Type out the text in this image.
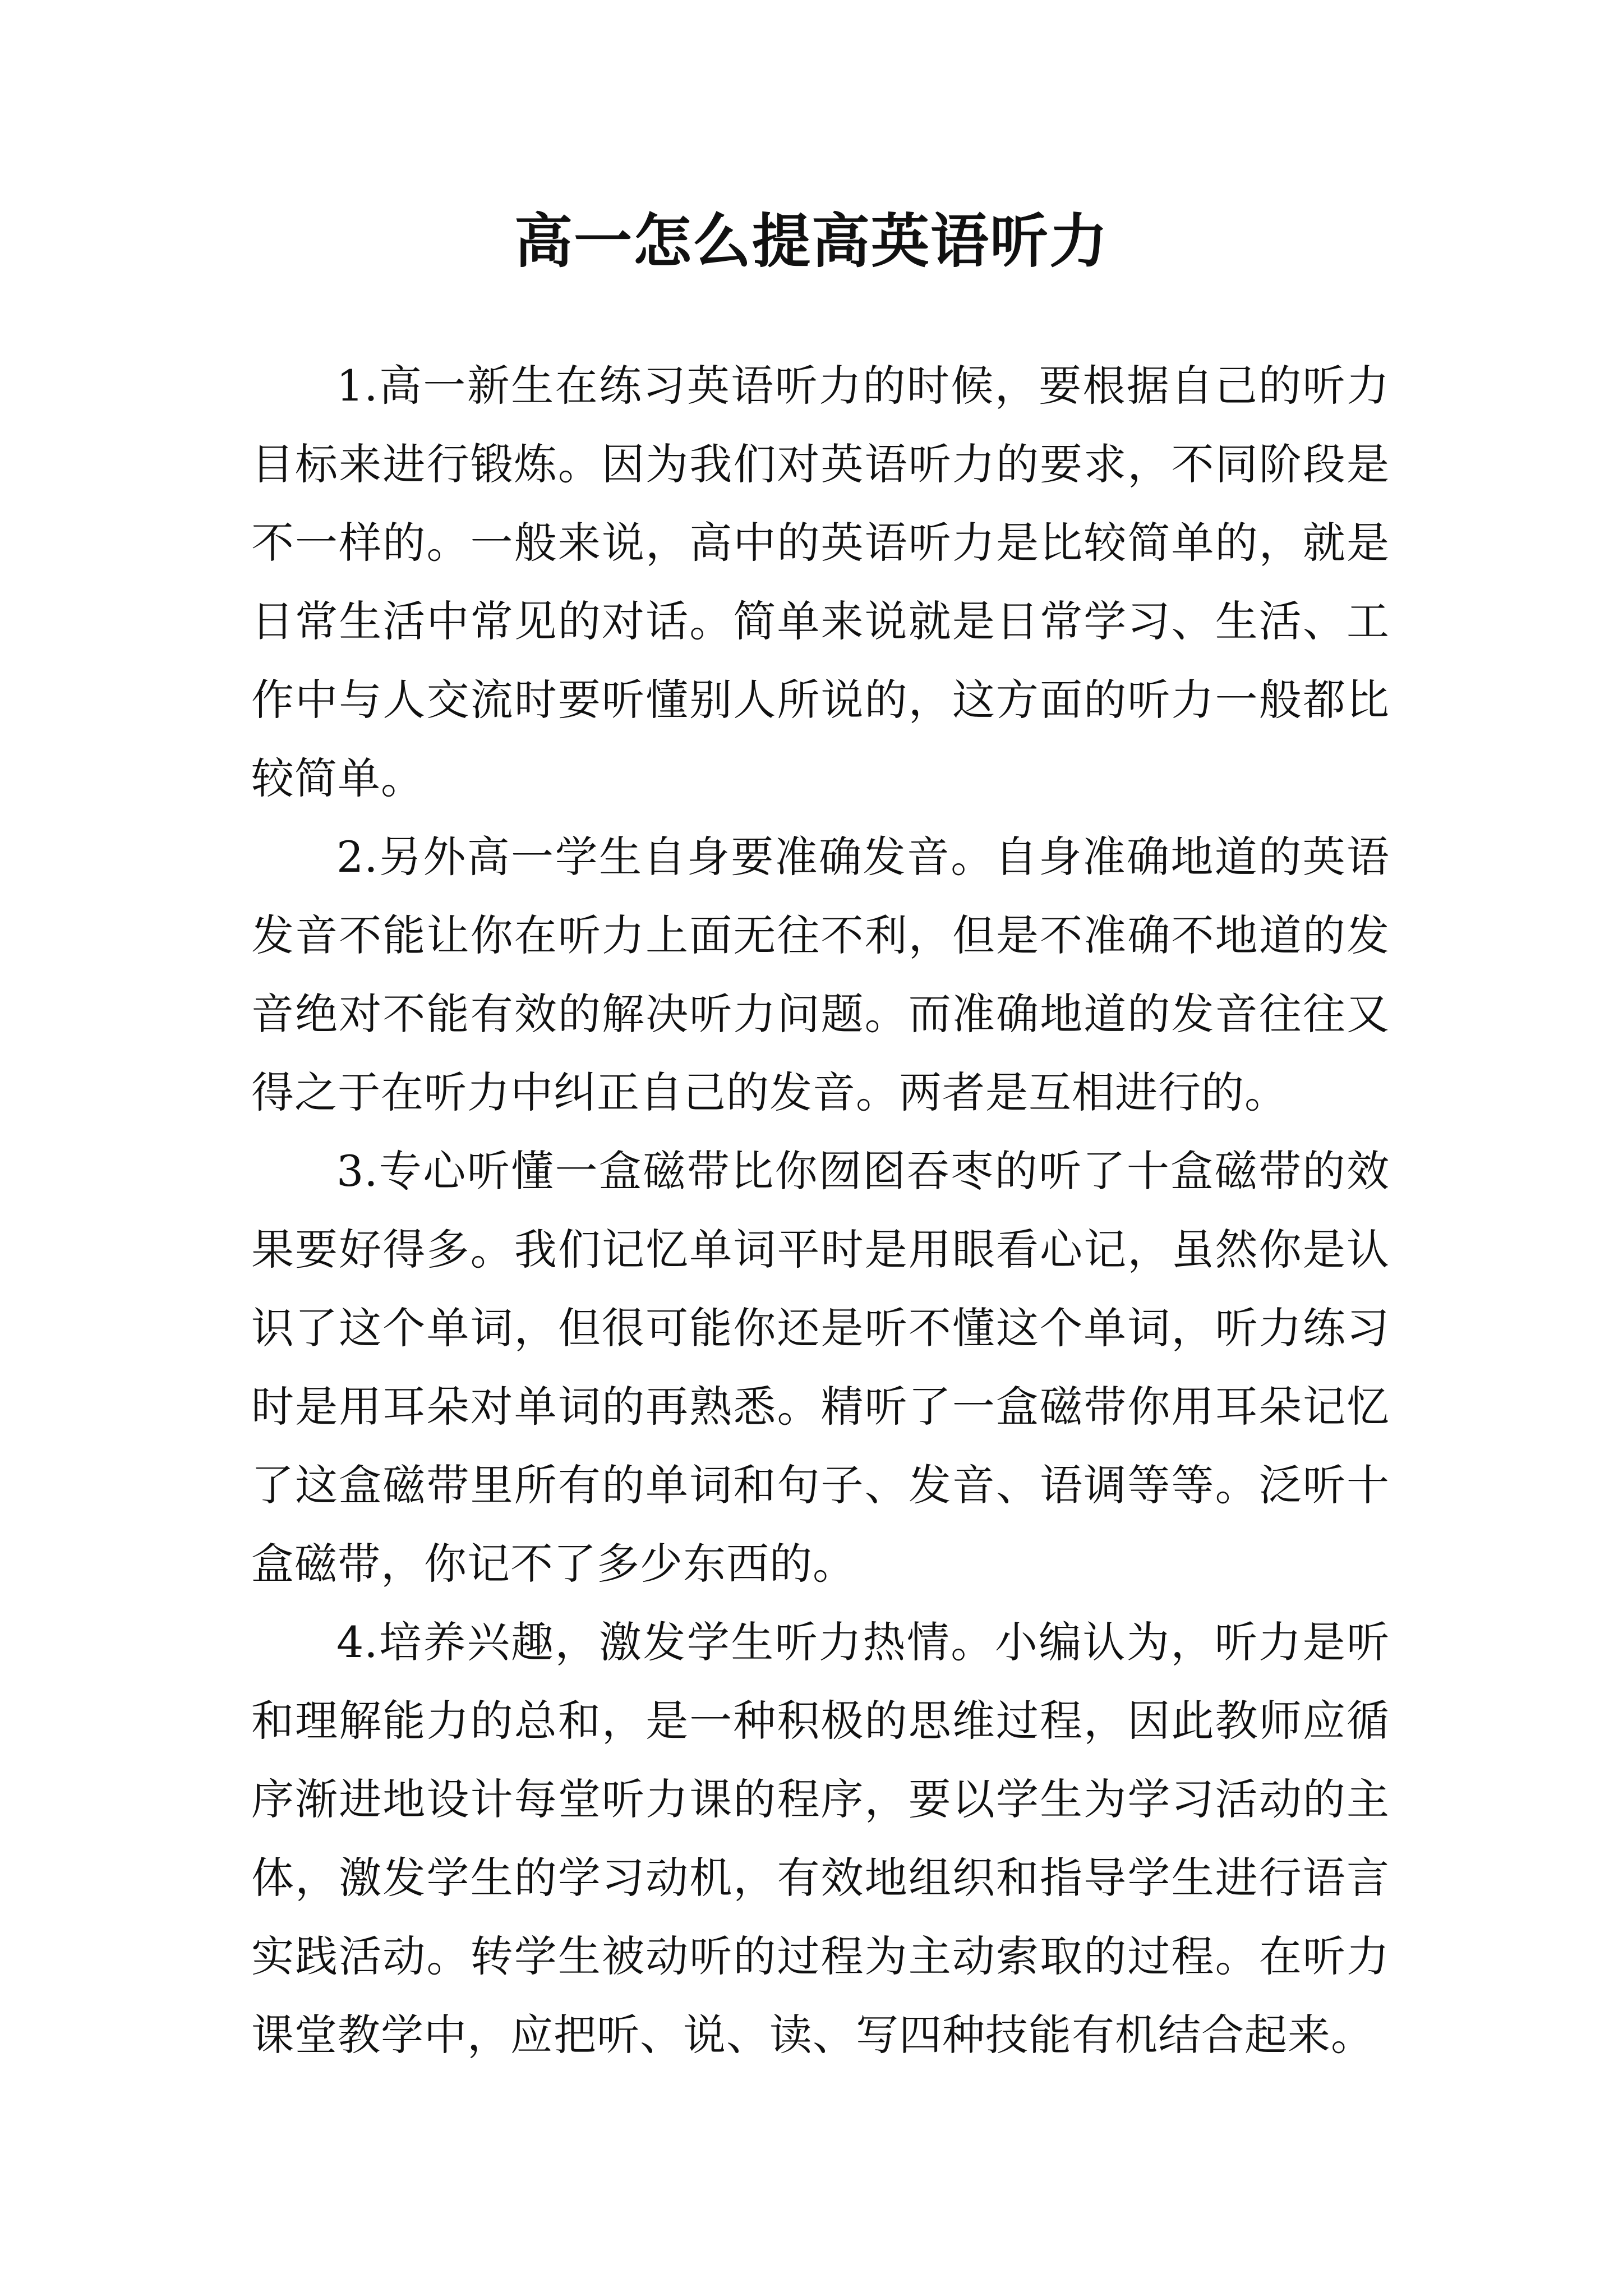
高一怎么提高英语听力

1.高一新生在练习英语听力的时候，要根据自己的听力目标来进行锻炼。因为我们对英语听力的要求，不同阶段是不一样的。一般来说，高中的英语听力是比较简单的，就是日常生活中常见的对话。简单来说就是日常学习、生活、工作中与人交流时要听懂别人所说的，这方面的听力一般都比较简单。

2.另外高一学生自身要准确发音。自身准确地道的英语发音不能让你在听力上面无往不利，但是不准确不地道的发音绝对不能有效的解决听力问题。而准确地道的发音往往又得之于在听力中纠正自己的发音。两者是互相进行的。

3.专心听懂一盒磁带比你囫囵吞枣的听了十盒磁带的效果要好得多。我们记忆单词平时是用眼看心记，虽然你是认识了这个单词，但很可能你还是听不懂这个单词，听力练习时是用耳朵对单词的再熟悉。精听了一盒磁带你用耳朵记忆了这盒磁带里所有的单词和句子、发音、语调等等。泛听十盒磁带，你记不了多少东西的。

4.培养兴趣，激发学生听力热情。小编认为，听力是听和理解能力的总和，是一种积极的思维过程，因此教师应循序渐进地设计每堂听力课的程序，要以学生为学习活动的主体，激发学生的学习动机，有效地组织和指导学生进行语言实践活动。转学生被动听的过程为主动索取的过程。在听力课堂教学中，应把听、说、读、写四种技能有机结合起来。
